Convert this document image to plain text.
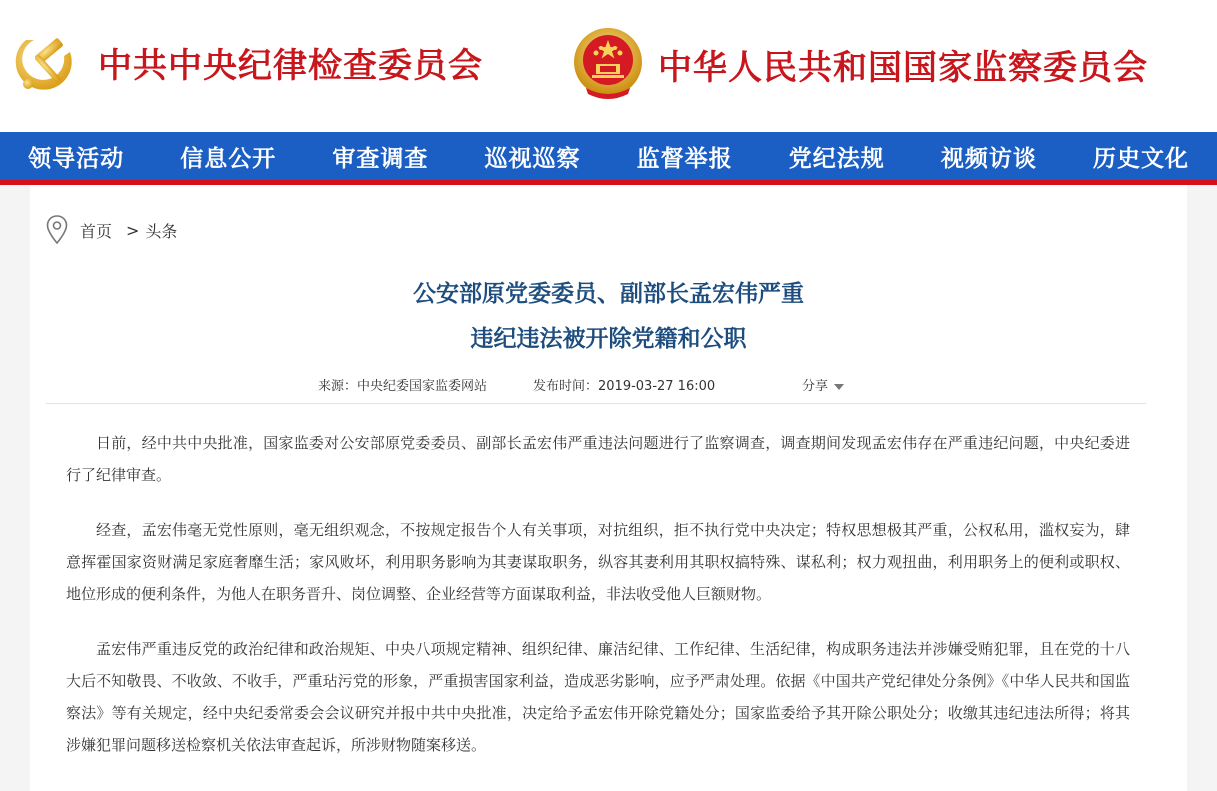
中共中央纪律检查委员会	中华人民共和国国家监察委员会
领导活动 信息公开 审查调查 巡视巡察 监督举报 党纪法规 视频访谈 历史文化
首页 > 头条
公安部原党委委员、副部长孟宏伟严重
违纪违法被开除党籍和公职
来源：中央纪委国家监委网站	发布时间：2019-03-27 16:00	分享

日前，经中共中央批准，国家监委对公安部原党委委员、副部长孟宏伟严重违法问题进行了监察调查，调查期间发现孟宏伟存在严重违纪问题，中央纪委进行了纪律审查。

经查，孟宏伟毫无党性原则，毫无组织观念，不按规定报告个人有关事项，对抗组织，拒不执行党中央决定；特权思想极其严重，公权私用，滥权妄为，肆意挥霍国家资财满足家庭奢靡生活；家风败坏，利用职务影响为其妻谋取职务，纵容其妻利用其职权搞特殊、谋私利；权力观扭曲，利用职务上的便利或职权、地位形成的便利条件，为他人在职务晋升、岗位调整、企业经营等方面谋取利益，非法收受他人巨额财物。

孟宏伟严重违反党的政治纪律和政治规矩、中央八项规定精神、组织纪律、廉洁纪律、工作纪律、生活纪律，构成职务违法并涉嫌受贿犯罪，且在党的十八大后不知敬畏、不收敛、不收手，严重玷污党的形象，严重损害国家利益，造成恶劣影响，应予严肃处理。依据《中国共产党纪律处分条例》《中华人民共和国监察法》等有关规定，经中央纪委常委会会议研究并报中共中央批准，决定给予孟宏伟开除党籍处分；国家监委给予其开除公职处分；收缴其违纪违法所得；将其涉嫌犯罪问题移送检察机关依法审查起诉，所涉财物随案移送。
